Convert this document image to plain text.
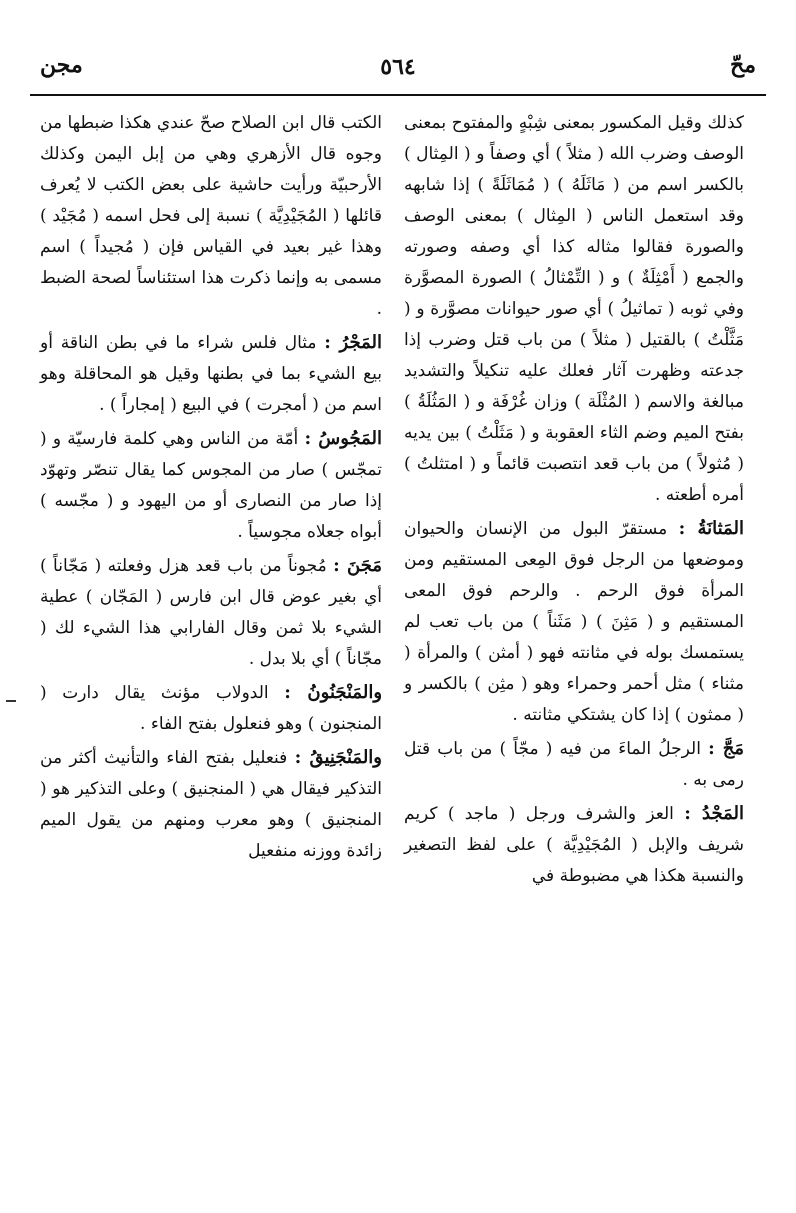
محّ
٥٦٤
مجن

كذلك وقيل المكسور بمعنى شِبْهٍ والمفتوح بمعنى الوصف وضرب الله ( مثلاً ) أي وصفاً و ( المِثال ) بالكسر اسم من ( مَاثَلَهُ ) ( مُمَاثَلَةً ) إذا شابهه وقد استعمل الناس ( المِثال ) بمعنى الوصف والصورة فقالوا مثاله كذا أي وصفه وصورته والجمع ( أَمْثِلَةٌ ) و ( التِّمْثالُ ) الصورة المصوَّرة وفي ثوبه ( تماثيلُ ) أي صور حيوانات مصوَّرة و ( مَثَّلْتُ ) بالقتيل ( مثلاً ) من باب قتل وضرب إذا جدعته وظهرت آثار فعلك عليه تنكيلاً والتشديد مبالغة والاسم ( المُثْلَة ) وزان غُرْفَة و ( المَثُلَةُ ) بفتح الميم وضم الثاء العقوبة و ( مَثَلْتُ ) بين يديه ( مُثولاً ) من باب قعد انتصبت قائماً و ( امتثلتُ ) أمره أطعته .

المَثانَةُ : مستقرّ البول من الإنسان والحيوان وموضعها من الرجل فوق المِعى المستقيم ومن المرأة فوق الرحم . والرحم فوق المعى المستقيم و ( مَثِنَ ) ( مَثَناً ) من باب تعب لم يستمسك بوله في مثانته فهو ( أمثن ) والمرأة ( مثناء ) مثل أحمر وحمراء وهو ( مثِن ) بالكسر و ( ممثون ) إذا كان يشتكي مثانته .

مَجَّ : الرجلُ الماءَ من فيه ( مجّاً ) من باب قتل رمى به .

المَجْدُ : العز والشرف ورجل ( ماجد ) كريم شريف والإبل ( المُجَيْدِيَّة ) على لفظ التصغير والنسبة هكذا هي مضبوطة في

الكتب قال ابن الصلاح صحّ عندي هكذا ضبطها من وجوه قال الأزهري وهي من إبل اليمن وكذلك الأرحبيّة ورأيت حاشية على بعض الكتب لا يُعرف قائلها ( المُجَيْدِيَّة ) نسبة إلى فحل اسمه ( مُجَيْد ) وهذا غير بعيد في القياس فإن ( مُجيداً ) اسم مسمى به وإنما ذكرت هذا استئناساً لصحة الضبط .

المَجْرُ : مثال فلس شراء ما في بطن الناقة أو بيع الشيء بما في بطنها وقيل هو المحاقلة وهو اسم من ( أمجرت ) في البيع ( إمجاراً ) .

المَجُوسُ : أمّة من الناس وهي كلمة فارسيّة و ( تمجّس ) صار من المجوس كما يقال تنصّر وتهوّد إذا صار من النصارى أو من اليهود و ( مجّسه ) أبواه جعلاه مجوسياً .

مَجَنَ : مُجوناً من باب قعد هزل وفعلته ( مَجّاناً ) أي بغير عوض قال ابن فارس ( المَجّان ) عطية الشيء بلا ثمن وقال الفارابي هذا الشيء لك ( مجّاناً ) أي بلا بدل .

والمَنْجَنُونُ : الدولاب مؤنث يقال دارت ( المنجنون ) وهو فنعلول بفتح الفاء .

والمَنْجَنِيقُ : فنعليل بفتح الفاء والتأنيث أكثر من التذكير فيقال هي ( المنجنيق ) وعلى التذكير هو ( المنجنيق ) وهو معرب ومنهم من يقول الميم زائدة ووزنه منفعيل
